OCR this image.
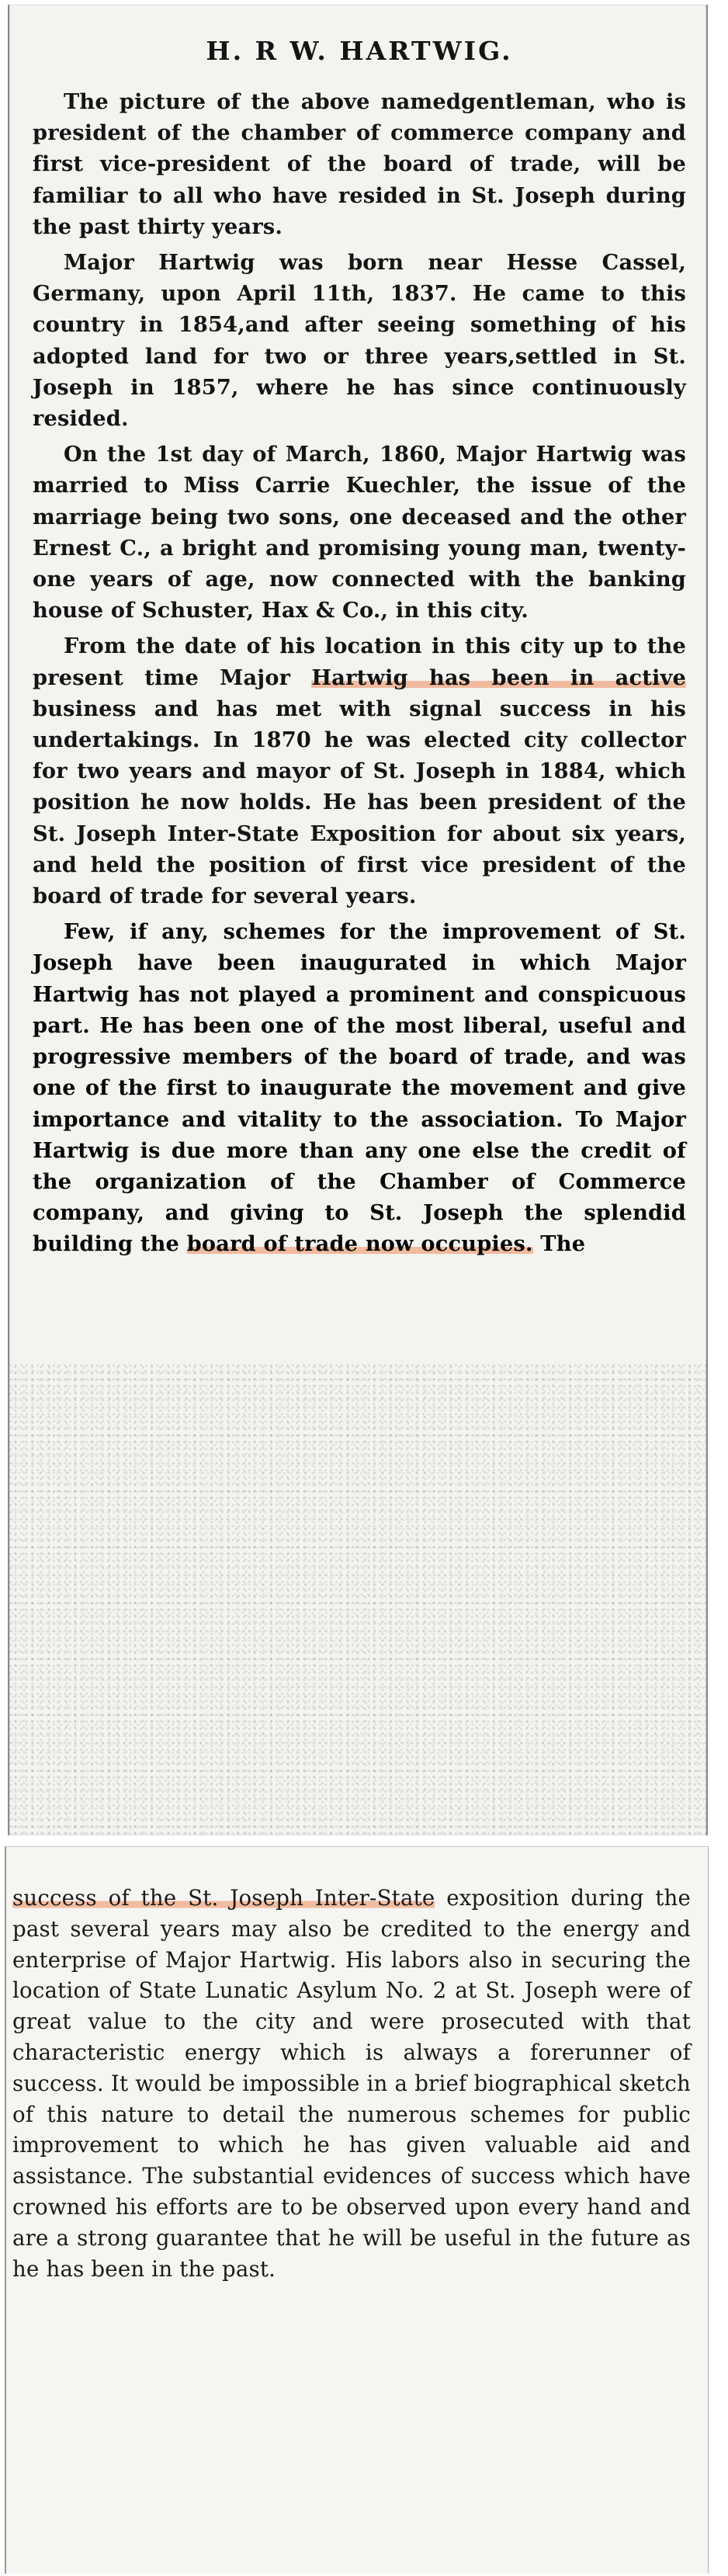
H. R W. HARTWIG.

The picture of the above namedgentleman, who is president of the chamber of commerce company and first vice-president of the board of trade, will be familiar to all who have resided in St. Joseph during the past thirty years.

Major Hartwig was born near Hesse Cassel, Germany, upon April 11th, 1837. He came to this country in 1854,and after seeing something of his adopted land for two or three years,settled in St. Joseph in 1857, where he has since continuously resided.

On the 1st day of March, 1860, Major Hartwig was married to Miss Carrie Kuechler, the issue of the marriage being two sons, one deceased and the other Ernest C., a bright and promising young man, twenty-one years of age, now connected with the banking house of Schuster, Hax & Co., in this city.

From the date of his location in this city up to the present time Major Hartwig has been in active business and has met with signal success in his undertakings. In 1870 he was elected city collector for two years and mayor of St. Joseph in 1884, which position he now holds. He has been president of the St. Joseph Inter-State Exposition for about six years, and held the position of first vice president of the board of trade for several years.

Few, if any, schemes for the improvement of St. Joseph have been inaugurated in which Major Hartwig has not played a prominent and conspicuous part. He has been one of the most liberal, useful and progressive members of the board of trade, and was one of the first to inaugurate the movement and give importance and vitality to the association. To Major Hartwig is due more than any one else the credit of the organization of the Chamber of Commerce company, and giving to St. Joseph the splendid building the board of trade now occupies. The

success of the St. Joseph Inter-State exposition during the past several years may also be credited to the energy and enterprise of Major Hartwig. His labors also in securing the location of State Lunatic Asylum No. 2 at St. Joseph were of great value to the city and were prosecuted with that characteristic energy which is always a forerunner of success. It would be impossible in a brief biographical sketch of this nature to detail the numerous schemes for public improvement to which he has given valuable aid and assistance. The substantial evidences of success which have crowned his efforts are to be observed upon every hand and are a strong guarantee that he will be useful in the future as he has been in the past.
